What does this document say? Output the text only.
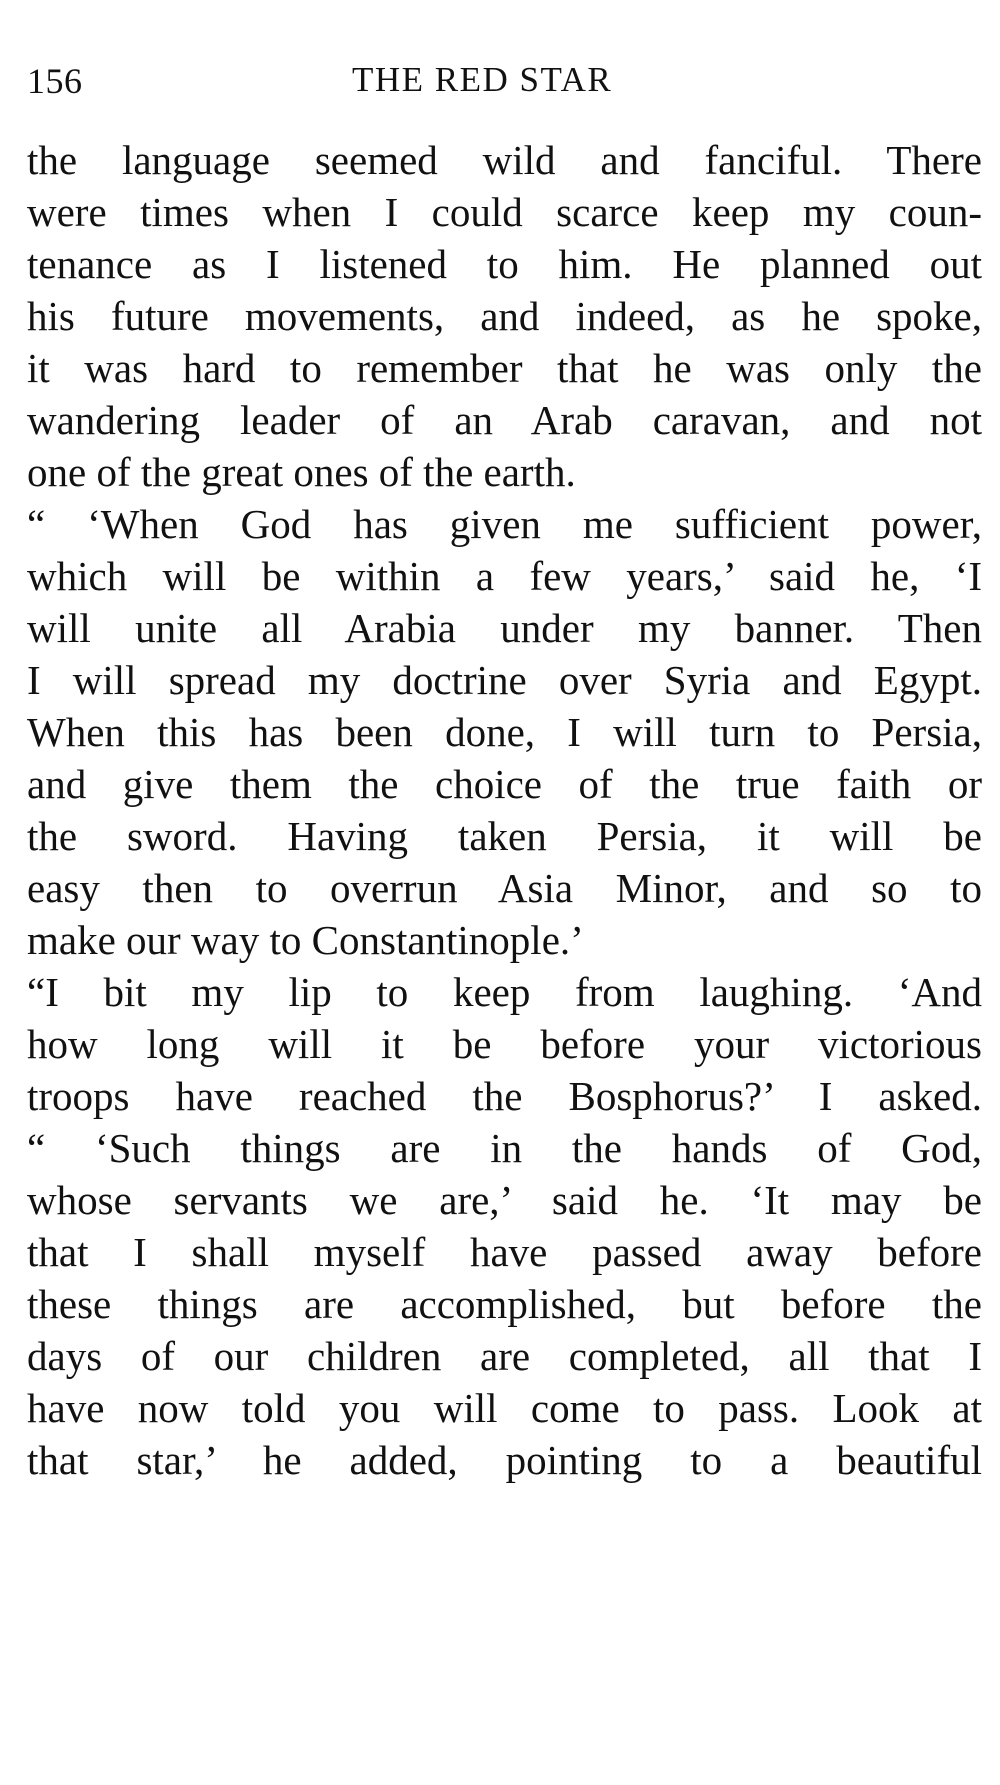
156	THE RED STAR
the language seemed wild and fanciful. There
were times when I could scarce keep my coun-
tenance as I listened to him. He planned out
his future movements, and indeed, as he spoke,
it was hard to remember that he was only the
wandering leader of an Arab caravan, and not
one of the great ones of the earth.
“ ‘When God has given me sufficient power,
which will be within a few years,’ said he, ‘I
will unite all Arabia under my banner. Then
I will spread my doctrine over Syria and Egypt.
When this has been done, I will turn to Persia,
and give them the choice of the true faith or
the sword. Having taken Persia, it will be
easy then to overrun Asia Minor, and so to
make our way to Constantinople.’
“I bit my lip to keep from laughing. ‘And
how long will it be before your victorious
troops have reached the Bosphorus?’ I asked.
“ ‘Such things are in the hands of God,
whose servants we are,’ said he. ‘It may be
that I shall myself have passed away before
these things are accomplished, but before the
days of our children are completed, all that I
have now told you will come to pass. Look at
that star,’ he added, pointing to a beautiful
